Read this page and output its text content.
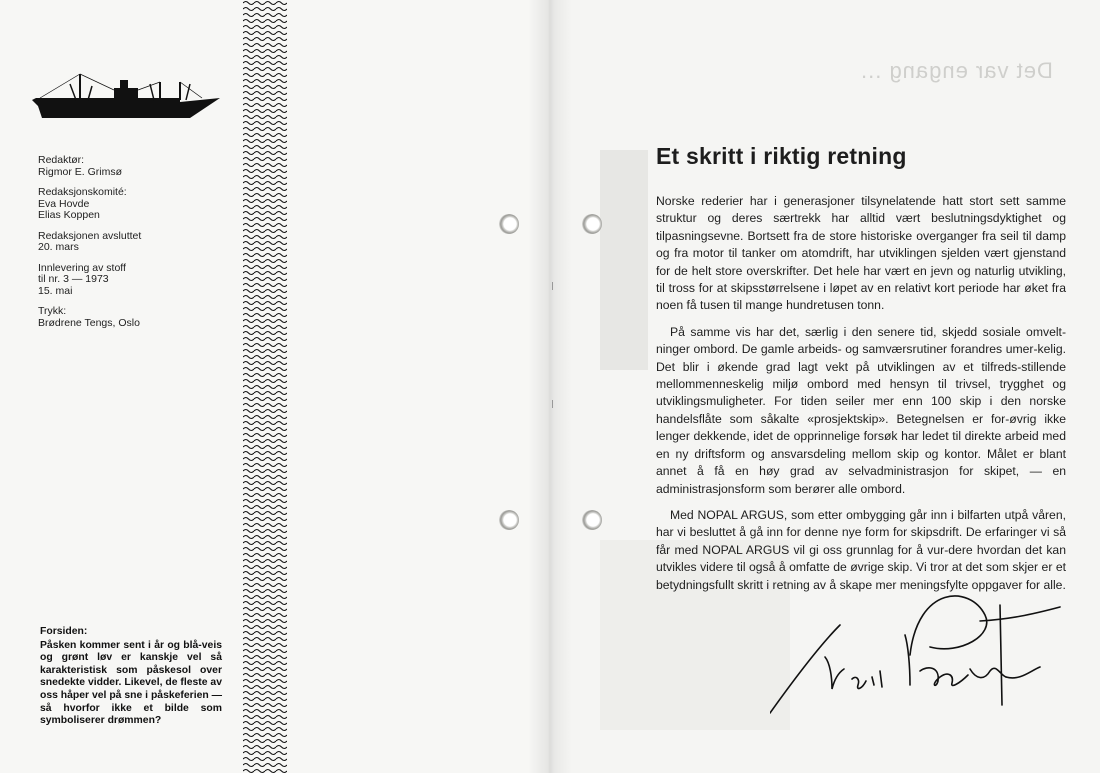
Redaktør:
Rigmor E. Grimsø
Redaksjonskomité:
Eva Hovde
Elias Koppen
Redaksjonen avsluttet
20. mars
Innlevering av stoff
til nr. 3 — 1973
15. mai
Trykk:
Brødrene Tengs, Oslo
Forsiden:
Påsken kommer sent i år og blå-veis og grønt løv er kanskje vel så karakteristisk som påskesol over snedekte vidder. Likevel, de fleste av oss håper vel på sne i påskeferien — så hvorfor ikke et bilde som symboliserer drømmen?
Det var engang ...
Et skritt i riktig retning

Norske rederier har i generasjoner tilsynelatende hatt stort sett samme struktur og deres særtrekk har alltid vært beslutningsdyktighet og tilpasningsevne. Bortsett fra de store historiske overganger fra seil til damp og fra motor til tanker om atomdrift, har utviklingen sjelden vært gjenstand for de helt store overskrifter. Det hele har vært en jevn og naturlig utvikling, til tross for at skipsstørrelsene i løpet av en relativt kort periode har øket fra noen få tusen til mange hundretusen tonn.

På samme vis har det, særlig i den senere tid, skjedd sosiale omvelt-ninger ombord. De gamle arbeids- og samværsrutiner forandres umer-kelig. Det blir i økende grad lagt vekt på utviklingen av et tilfreds-stillende mellommenneskelig miljø ombord med hensyn til trivsel, trygghet og utviklingsmuligheter. For tiden seiler mer enn 100 skip i den norske handelsflåte som såkalte «prosjektskip». Betegnelsen er for-øvrig ikke lenger dekkende, idet de opprinnelige forsøk har ledet til direkte arbeid med en ny driftsform og ansvarsdeling mellom skip og kontor. Målet er blant annet å få en høy grad av selvadministrasjon for skipet, — en administrasjonsform som berører alle ombord.

Med NOPAL ARGUS, som etter ombygging går inn i bilfarten utpå våren, har vi besluttet å gå inn for denne nye form for skipsdrift. De erfaringer vi så får med NOPAL ARGUS vil gi oss grunnlag for å vur-dere hvordan det kan utvikles videre til også å omfatte de øvrige skip. Vi tror at det som skjer er et betydningsfullt skritt i retning av å skape mer meningsfylte oppgaver for alle.
